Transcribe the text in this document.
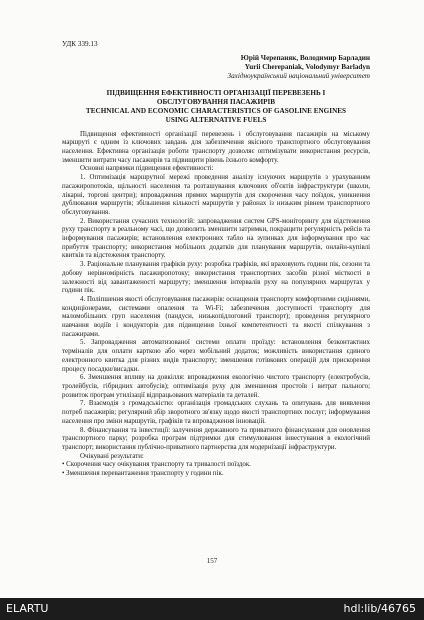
УДК 339.13
Юрій Черепаняк, Володимир Барладин
Yurii Cherepaniak, Volodymyr Barladyn
Західноукраїнський національний університет
ПІДВИЩЕННЯ ЕФЕКТИВНОСТІ ОРГАНІЗАЦІЇ ПЕРЕВЕЗЕНЬ І
ОБСЛУГОВУВАННЯ ПАСАЖИРІВ
TECHNICAL AND ECONOMIC CHARACTERISTICS OF GASOLINE ENGINES
USING ALTERNATIVE FUELS
Підвищення ефективності організації перевезень і обслуговування пасажирів на міському маршруті є одним із ключових завдань для забезпечення якісного транспортного обслуговування населення. Ефективна організація роботи транспорту дозволяє оптимізувати використання ресурсів, зменшити витрати часу пасажирів та підвищити рівень їхнього комфорту.
Основні напрямки підвищення ефективності:
1. Оптимізація маршрутної мережі проведення аналізу існуючих маршрутів з урахуванням пасажиропотоків, щільності населення та розташування ключових об'єктів інфраструктури (школи, лікарні, торгові центри); впровадження прямих маршрутів для скорочення часу поїздок, уникнення дублювання маршрутів; збільшення кількості маршрутів у районах із низьким рівнем транспортного обслуговування.
2. Використання сучасних технологій: запровадження систем GPS-моніторингу для відстеження руху транспорту в реальному часі, що дозволить зменшити затримки, покращити регулярність рейсів та інформування пасажирів; встановлення електронних табло на зупинках для інформування про час прибуття транспорту; використання мобільних додатків для планування маршрутів, онлайн-купівлі квитків та відстеження транспорту.
3. Раціональне планування графіків руху: розробка графіків, які враховують години пік, сезони та добову нерівномірність пасажиропотоку; використання транспортних засобів різної місткості в залежності від завантаженості маршруту; зменшення інтервалів руху на популярних маршрутах у години пік.
4. Поліпшення якості обслуговування пасажирів: оснащення транспорту комфортними сидіннями, кондиціонерами, системами опалення та Wi-Fi; забезпечення доступності транспорту для маломобільних груп населення (пандуси, низькопідлоговий транспорт); проведення регулярного навчання водіїв і кондукторів для підвищення їхньої компетентності та якості спілкування з пасажирами.
5. Запровадження автоматизованої системи оплати проїзду: встановлення безконтактних терміналів для оплати карткою або через мобільний додаток; можливість використання єдиного електронного квитка для різних видів транспорту; зменшення готівкових операцій для прискорення процесу посадки/висадки.
6. Зменшення впливу на довкілля: впровадження екологічно чистого транспорту (електробусів, тролейбусів, гібридних автобусів); оптимізація руху для зменшення простоїв і витрат пального; розвиток програм утилізації відпрацьованих матеріалів та деталей.
7. Взаємодія з громадськістю: організація громадських слухань та опитувань для виявлення потреб пасажирів; регулярний збір зворотного зв'язку щодо якості транспортних послуг; інформування населення про зміни маршрутів, графіків та впровадження інновацій.
8. Фінансування та інвестиції: залучення державного та приватного фінансування для оновлення транспортного парку; розробка програм підтримки для стимулювання інвестування в екологічний транспорт; використання публічно-приватного партнерства для модернізації інфраструктури.
Очікувані результати:
• Скорочення часу очікування транспорту та тривалості поїздок.
• Зменшення перевантаження транспорту у години пік.
157
ELARTU	hdl:lib/46765
